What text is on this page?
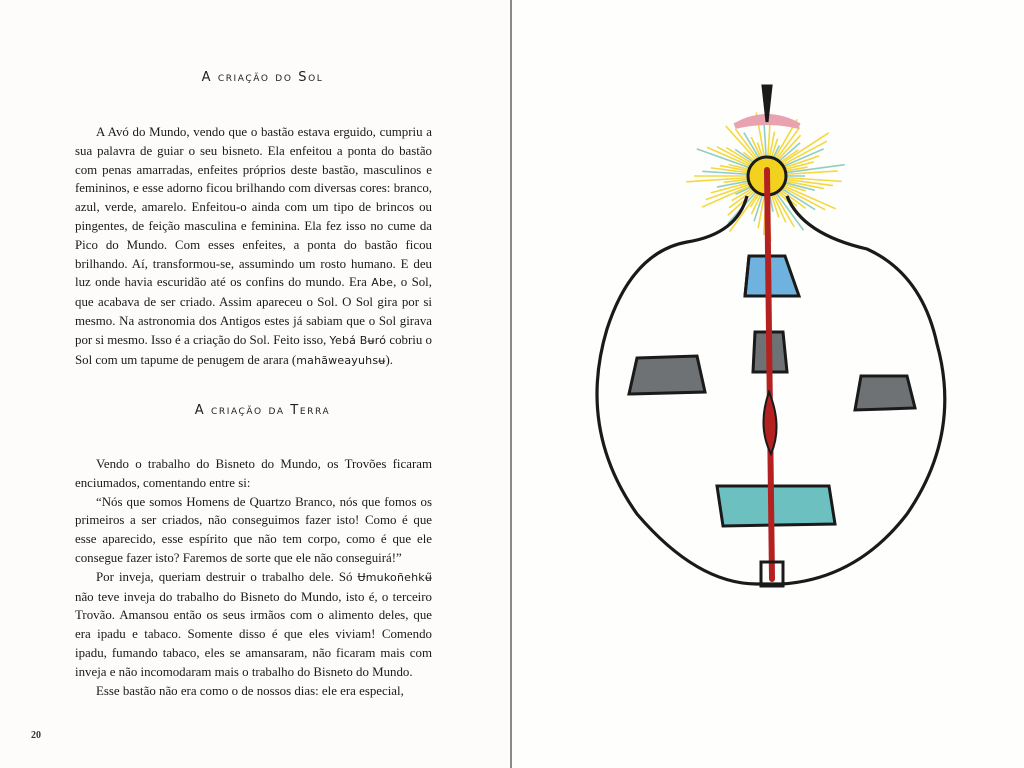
A criação do Sol

A Avó do Mundo, vendo que o bastão estava erguido, cumpriu a sua palavra de guiar o seu bisneto. Ela enfeitou a ponta do bastão com penas amarradas, enfeites próprios deste bastão, masculinos e femininos, e esse adorno ficou brilhando com diversas cores: branco, azul, verde, amarelo. Enfeitou-o ainda com um tipo de brincos ou pingentes, de feição masculina e feminina. Ela fez isso no cume da Pico do Mundo. Com esses enfeites, a ponta do bastão ficou brilhando. Aí, transformou-se, assumindo um rosto humano. E deu luz onde havia escuridão até os confins do mundo. Era Abe, o Sol, que acabava de ser criado. Assim apareceu o Sol. O Sol gira por si mesmo. Na astronomia dos Antigos estes já sabiam que o Sol girava por si mesmo. Isso é a criação do Sol. Feito isso, Yebá Bʉró cobriu o Sol com um tapume de penugem de arara (mahãweayuhsʉ).

A criação da Terra

Vendo o trabalho do Bisneto do Mundo, os Trovões ficaram enciumados, comentando entre si:

“Nós que somos Homens de Quartzo Branco, nós que fomos os primeiros a ser criados, não conseguimos fazer isto! Como é que esse aparecido, esse espírito que não tem corpo, como é que ele consegue fazer isto? Faremos de sorte que ele não conseguirá!”

Por inveja, queriam destruir o trabalho dele. Só Ʉmukoñehkʉ̃ não teve inveja do trabalho do Bisneto do Mundo, isto é, o terceiro Trovão. Amansou então os seus irmãos com o alimento deles, que era ipadu e tabaco. Somente disso é que eles viviam! Comendo ipadu, fumando tabaco, eles se amansaram, não ficaram mais com inveja e não incomodaram mais o trabalho do Bisneto do Mundo.

Esse bastão não era como o de nossos dias: ele era especial,

20
